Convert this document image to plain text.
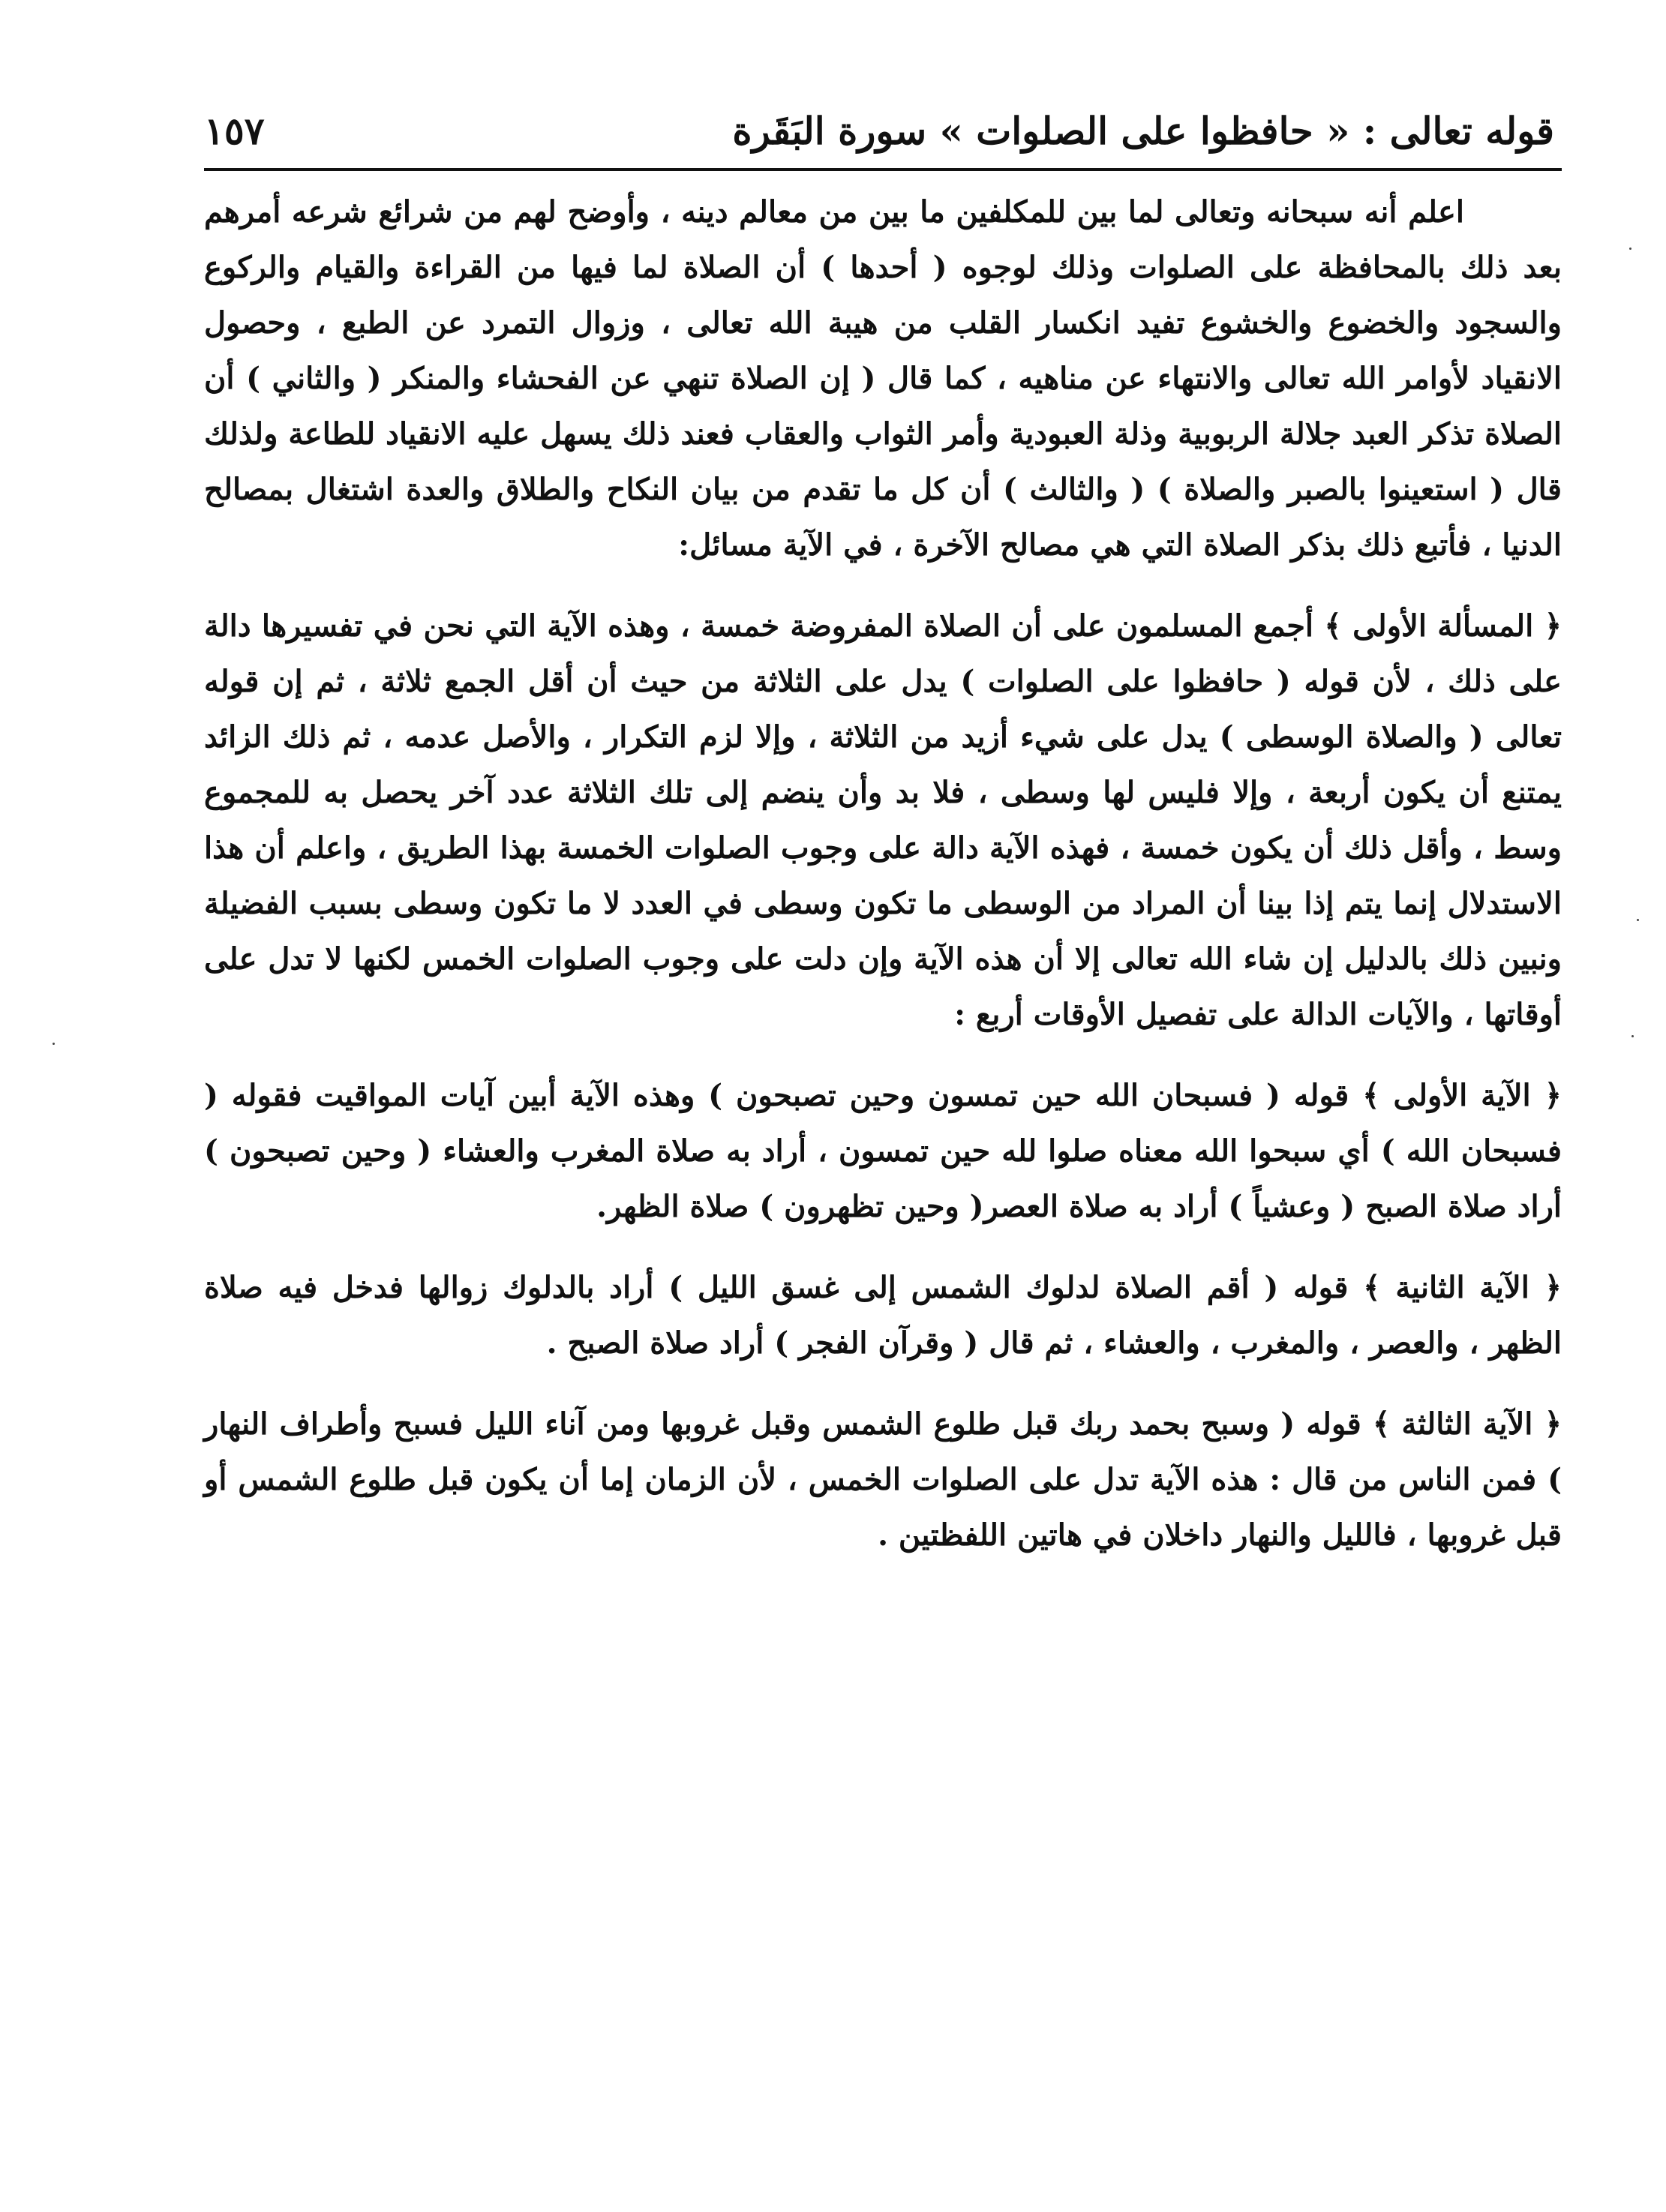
قوله تعالى : « حافظوا على الصلوات » سورة البَقَرة
١٥٧

اعلم أنه سبحانه وتعالى لما بين للمكلفين ما بين من معالم دينه ، وأوضح لهم من شرائع شرعه أمرهم بعد ذلك بالمحافظة على الصلوات وذلك لوجوه ( أحدها ) أن الصلاة لما فيها من القراءة والقيام والركوع والسجود والخضوع والخشوع تفيد انكسار القلب من هيبة الله تعالى ، وزوال التمرد عن الطبع ، وحصول الانقياد لأوامر الله تعالى والانتهاء عن مناهيه ، كما قال ( إن الصلاة تنهي عن الفحشاء والمنكر ( والثاني ) أن الصلاة تذكر العبد جلالة الربوبية وذلة العبودية وأمر الثواب والعقاب فعند ذلك يسهل عليه الانقياد للطاعة ولذلك قال ( استعينوا بالصبر والصلاة ) ( والثالث ) أن كل ما تقدم من بيان النكاح والطلاق والعدة اشتغال بمصالح الدنيا ، فأتبع ذلك بذكر الصلاة التي هي مصالح الآخرة ، في الآية مسائل:

﴿ المسألة الأولى ﴾ أجمع المسلمون على أن الصلاة المفروضة خمسة ، وهذه الآية التي نحن في تفسيرها دالة على ذلك ، لأن قوله ( حافظوا على الصلوات ) يدل على الثلاثة من حيث أن أقل الجمع ثلاثة ، ثم إن قوله تعالى ( والصلاة الوسطى ) يدل على شيء أزيد من الثلاثة ، وإلا لزم التكرار ، والأصل عدمه ، ثم ذلك الزائد يمتنع أن يكون أربعة ، وإلا فليس لها وسطى ، فلا بد وأن ينضم إلى تلك الثلاثة عدد آخر يحصل به للمجموع وسط ، وأقل ذلك أن يكون خمسة ، فهذه الآية دالة على وجوب الصلوات الخمسة بهذا الطريق ، واعلم أن هذا الاستدلال إنما يتم إذا بينا أن المراد من الوسطى ما تكون وسطى في العدد لا ما تكون وسطى بسبب الفضيلة ونبين ذلك بالدليل إن شاء الله تعالى إلا أن هذه الآية وإن دلت على وجوب الصلوات الخمس لكنها لا تدل على أوقاتها ، والآيات الدالة على تفصيل الأوقات أربع :

﴿ الآية الأولى ﴾ قوله ( فسبحان الله حين تمسون وحين تصبحون ) وهذه الآية أبين آيات المواقيت فقوله ( فسبحان الله ) أي سبحوا الله معناه صلوا لله حين تمسون ، أراد به صلاة المغرب والعشاء ( وحين تصبحون ) أراد صلاة الصبح ( وعشياً ) أراد به صلاة العصر( وحين تظهرون ) صلاة الظهر.

﴿ الآية الثانية ﴾ قوله ( أقم الصلاة لدلوك الشمس إلى غسق الليل ) أراد بالدلوك زوالها فدخل فيه صلاة الظهر ، والعصر ، والمغرب ، والعشاء ، ثم قال ( وقرآن الفجر ) أراد صلاة الصبح .

﴿ الآية الثالثة ﴾ قوله ( وسبح بحمد ربك قبل طلوع الشمس وقبل غروبها ومن آناء الليل فسبح وأطراف النهار ) فمن الناس من قال : هذه الآية تدل على الصلوات الخمس ، لأن الزمان إما أن يكون قبل طلوع الشمس أو قبل غروبها ، فالليل والنهار داخلان في هاتين اللفظتين .
